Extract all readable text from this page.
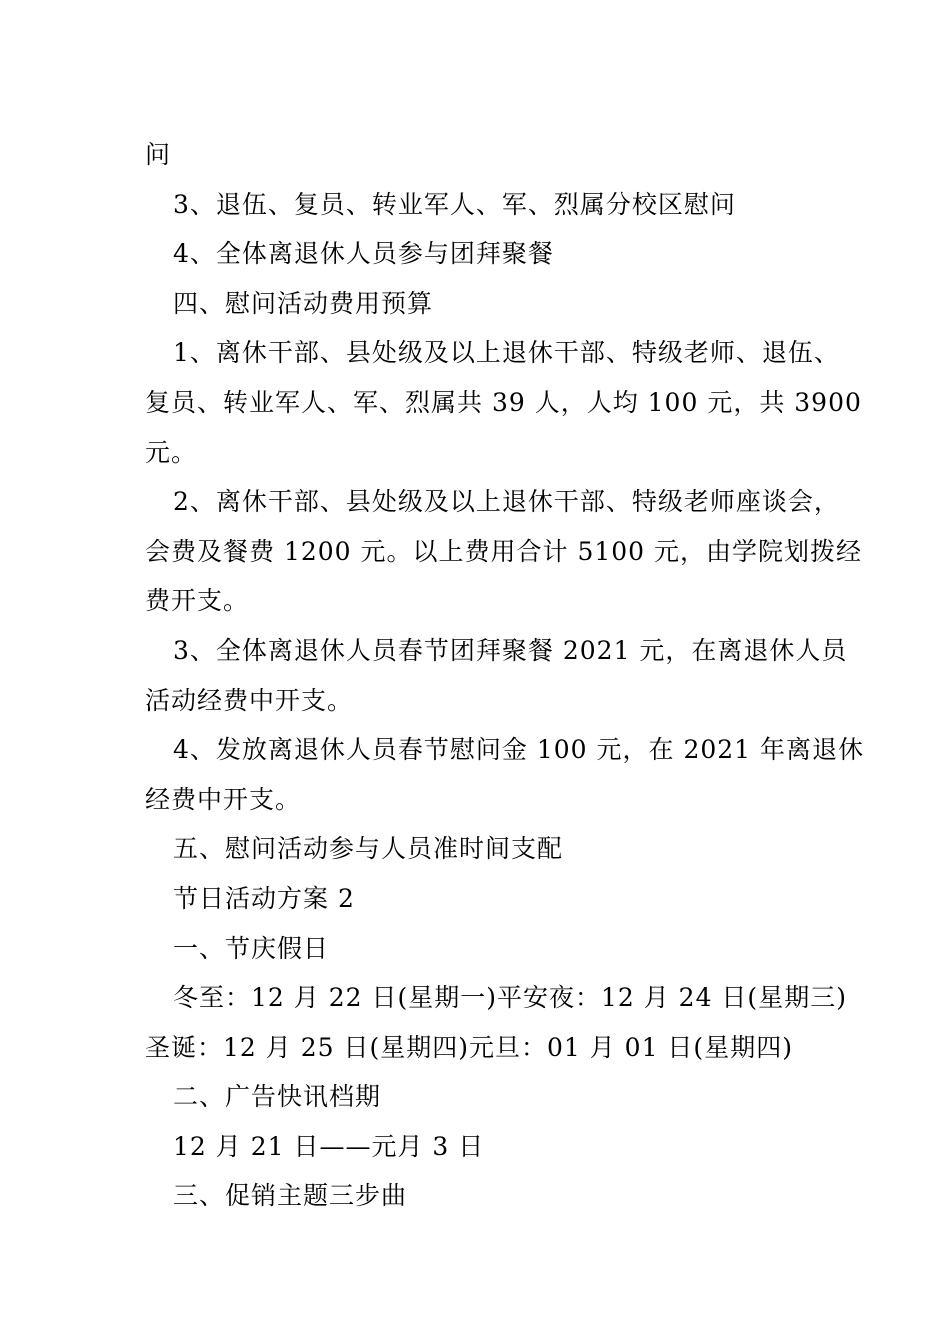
问
3、退伍、复员、转业军人、军、烈属分校区慰问
4、全体离退休人员参与团拜聚餐
四、慰问活动费用预算
1、离休干部、县处级及以上退休干部、特级老师、退伍、
复员、转业军人、军、烈属共 39 人，人均 100 元，共 3900
元。
2、离休干部、县处级及以上退休干部、特级老师座谈会，
会费及餐费 1200 元。以上费用合计 5100 元，由学院划拨经
费开支。
3、全体离退休人员春节团拜聚餐 2021 元，在离退休人员
活动经费中开支。
4、发放离退休人员春节慰问金 100 元，在 2021 年离退休
经费中开支。
五、慰问活动参与人员准时间支配
节日活动方案 2
一、节庆假日
冬至：12 月 22 日(星期一)平安夜：12 月 24 日(星期三)
圣诞：12 月 25 日(星期四)元旦：01 月 01 日(星期四)
二、广告快讯档期
12 月 21 日——元月 3 日
三、促销主题三步曲
